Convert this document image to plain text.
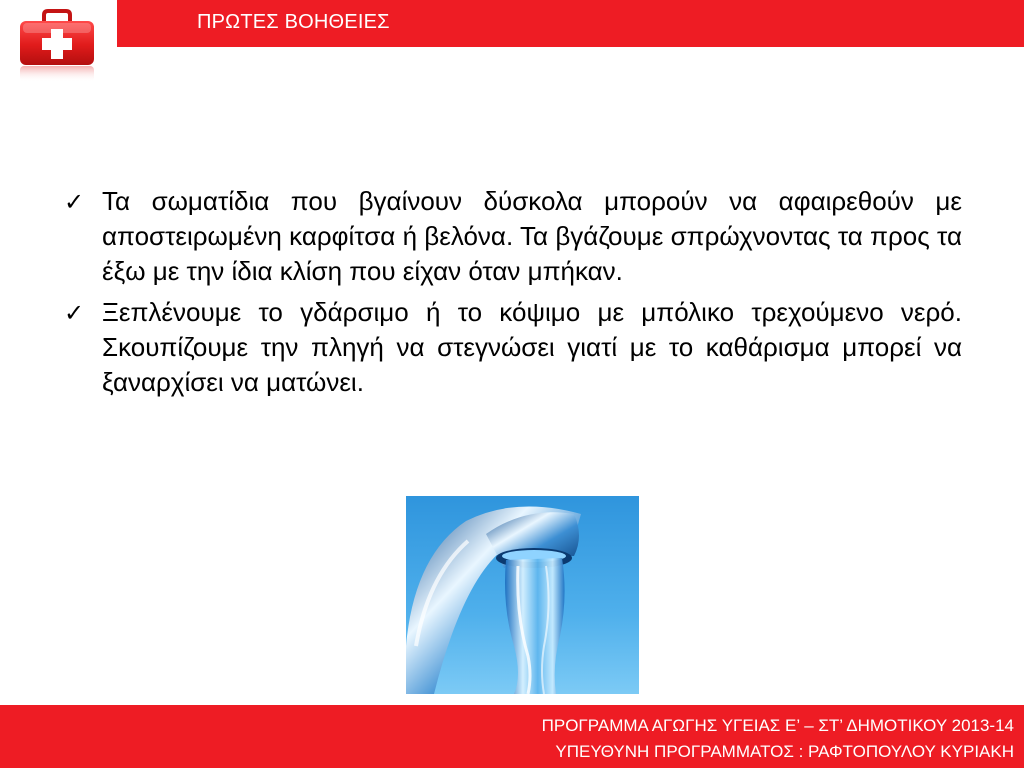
ΠΡΩΤΕΣ ΒΟΗΘΕΙΕΣ
✓ Τα σωματίδια που βγαίνουν δύσκολα μπορούν να αφαιρεθούν με αποστειρωμένη καρφίτσα ή βελόνα. Τα βγάζουμε σπρώχνοντας τα προς τα έξω με την ίδια κλίση που είχαν όταν μπήκαν.
✓ Ξεπλένουμε το γδάρσιμο ή το κόψιμο με μπόλικο τρεχούμενο νερό. Σκουπίζουμε την πληγή να στεγνώσει γιατί με το καθάρισμα μπορεί να ξαναρχίσει να ματώνει.
ΠΡΟΓΡΑΜΜΑ ΑΓΩΓΗΣ ΥΓΕΙΑΣ Ε’ – ΣΤ’ ΔΗΜΟΤΙΚΟΥ 2013-14
ΥΠΕΥΘΥΝΗ ΠΡΟΓΡΑΜΜΑΤΟΣ : ΡΑΦΤΟΠΟΥΛΟΥ ΚΥΡΙΑΚΗ
